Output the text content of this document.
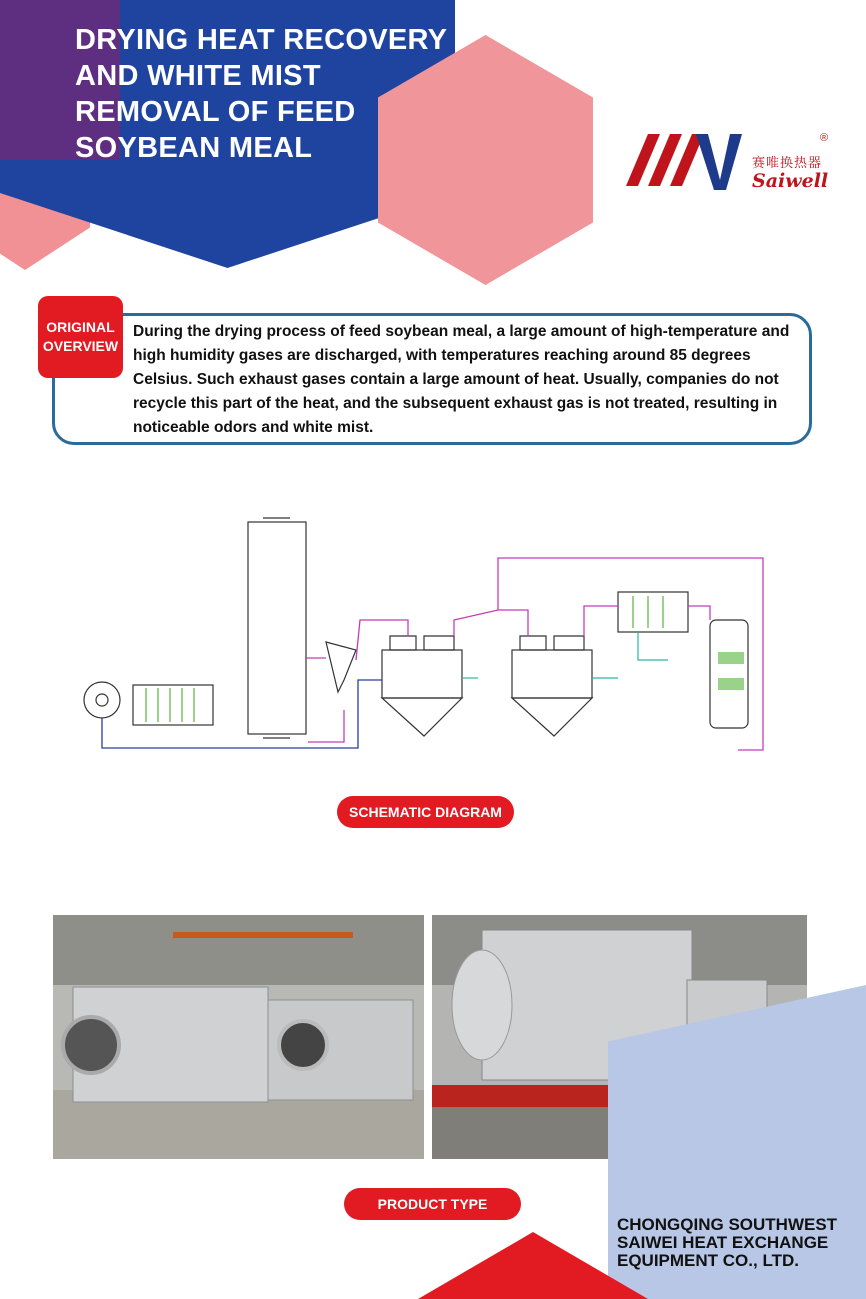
DRYING HEAT RECOVERY AND WHITE MIST REMOVAL OF FEED SOYBEAN MEAL	®
赛唯换热器
Saiwell
ORIGINAL
OVERVIEW
During the drying process of feed soybean meal, a large amount of high-temperature and high humidity gases are discharged, with temperatures reaching around 85 degrees Celsius. Such exhaust gases contain a large amount of heat. Usually, companies do not recycle this part of the heat, and the subsequent exhaust gas is not treated, resulting in noticeable odors and white mist.
SCHEMATIC DIAGRAM
PRODUCT TYPE
CHONGQING SOUTHWEST SAIWEI HEAT EXCHANGE EQUIPMENT CO., LTD.
